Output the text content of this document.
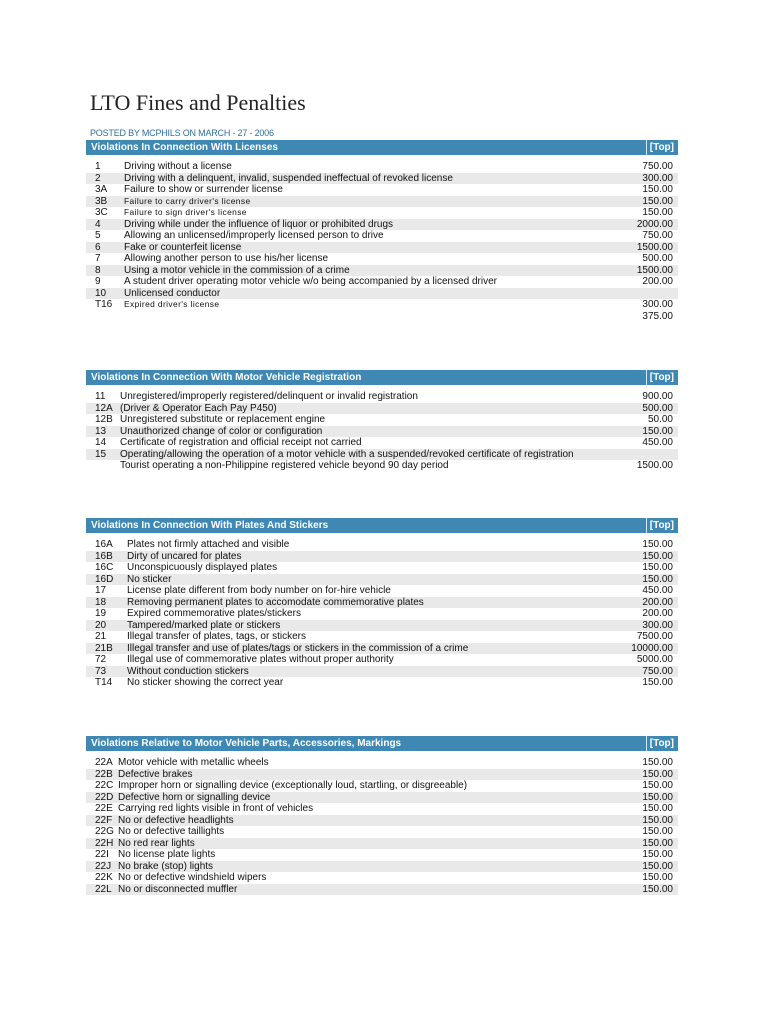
LTO Fines and Penalties
POSTED BY MCPHILS ON MARCH - 27 - 2006
Violations In Connection With Licenses	[Top]
1 Driving without a license	750.00
2 Driving with a delinquent, invalid, suspended ineffectual of revoked license	300.00
3A Failure to show or surrender license	150.00
3B Failure to carry driver's license	150.00
3C Failure to sign driver's license	150.00
4 Driving while under the influence of liquor or prohibited drugs	2000.00
5 Allowing an unlicensed/improperly licensed person to drive	750.00
6 Fake or counterfeit license	1500.00
7 Allowing another person to use his/her license	500.00
8 Using a motor vehicle in the commission of a crime	1500.00
9 A student driver operating motor vehicle w/o being accompanied by a licensed driver	200.00
10 Unlicensed conductor
T16 Expired driver's license	300.00
375.00
Violations In Connection With Motor Vehicle Registration	[Top]
11 Unregistered/improperly registered/delinquent or invalid registration	900.00
12A (Driver & Operator Each Pay P450)	500.00
12B Unregistered substitute or replacement engine	50.00
13 Unauthorized change of color or configuration	150.00
14 Certificate of registration and official receipt not carried	450.00
15 Operating/allowing the operation of a motor vehicle with a suspended/revoked certificate of registration
Tourist operating a non-Philippine registered vehicle beyond 90 day period	1500.00
Violations In Connection With Plates And Stickers	[Top]
16A Plates not firmly attached and visible	150.00
16B Dirty of uncared for plates	150.00
16C Unconspicuously displayed plates	150.00
16D No sticker	150.00
17 License plate different from body number on for-hire vehicle	450.00
18 Removing permanent plates to accomodate commemorative plates	200.00
19 Expired commemorative plates/stickers	200.00
20 Tampered/marked plate or stickers	300.00
21 Illegal transfer of plates, tags, or stickers	7500.00
21B Illegal transfer and use of plates/tags or stickers in the commission of a crime	10000.00
72 Illegal use of commemorative plates without proper authority	5000.00
73 Without conduction stickers	750.00
T14 No sticker showing the correct year	150.00
Violations Relative to Motor Vehicle Parts, Accessories, Markings	[Top]
22A Motor vehicle with metallic wheels	150.00
22B Defective brakes	150.00
22C Improper horn or signalling device (exceptionally loud, startling, or disgreeable)	150.00
22D Defective horn or signalling device	150.00
22E Carrying red lights visible in front of vehicles	150.00
22F No or defective headlights	150.00
22G No or defective taillights	150.00
22H No red rear lights	150.00
22I No license plate lights	150.00
22J No brake (stop) lights	150.00
22K No or defective windshield wipers	150.00
22L No or disconnected muffler	150.00
